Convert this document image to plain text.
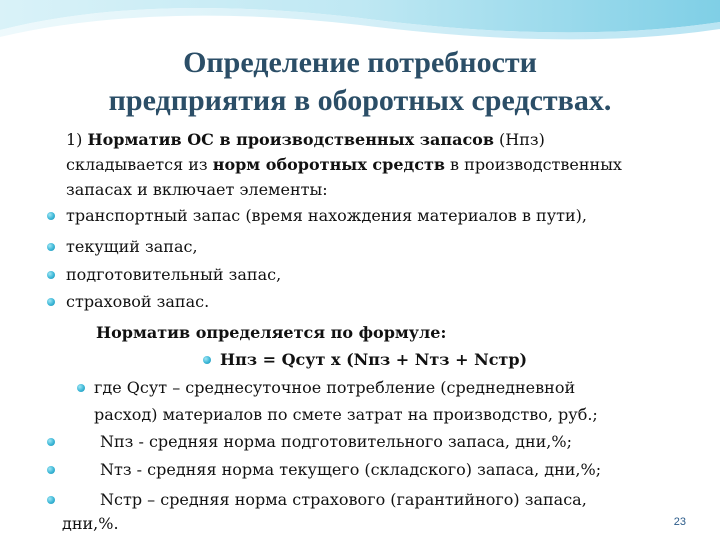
Определение потребности
предприятия в оборотных средствах.
1) Норматив ОС в производственных запасов (Нпз)
складывается из норм оборотных средств в производственных
запасах и включает элементы:
транспортный запас (время нахождения материалов в пути),
текущий запас,
подготовительный запас,
страховой запас.
Норматив определяется по формуле:
Нпз = Qсут х (Nпз + Nтз + Nстр)
где Qсут – среднесуточное потребление (среднедневной
расход) материалов по смете затрат на производство, руб.;
Nпз - средняя норма подготовительного запаса, дни,%;
Nтз - средняя норма текущего (складского) запаса, дни,%;
Nстр – средняя норма страхового (гарантийного) запаса,
дни,%.	23
